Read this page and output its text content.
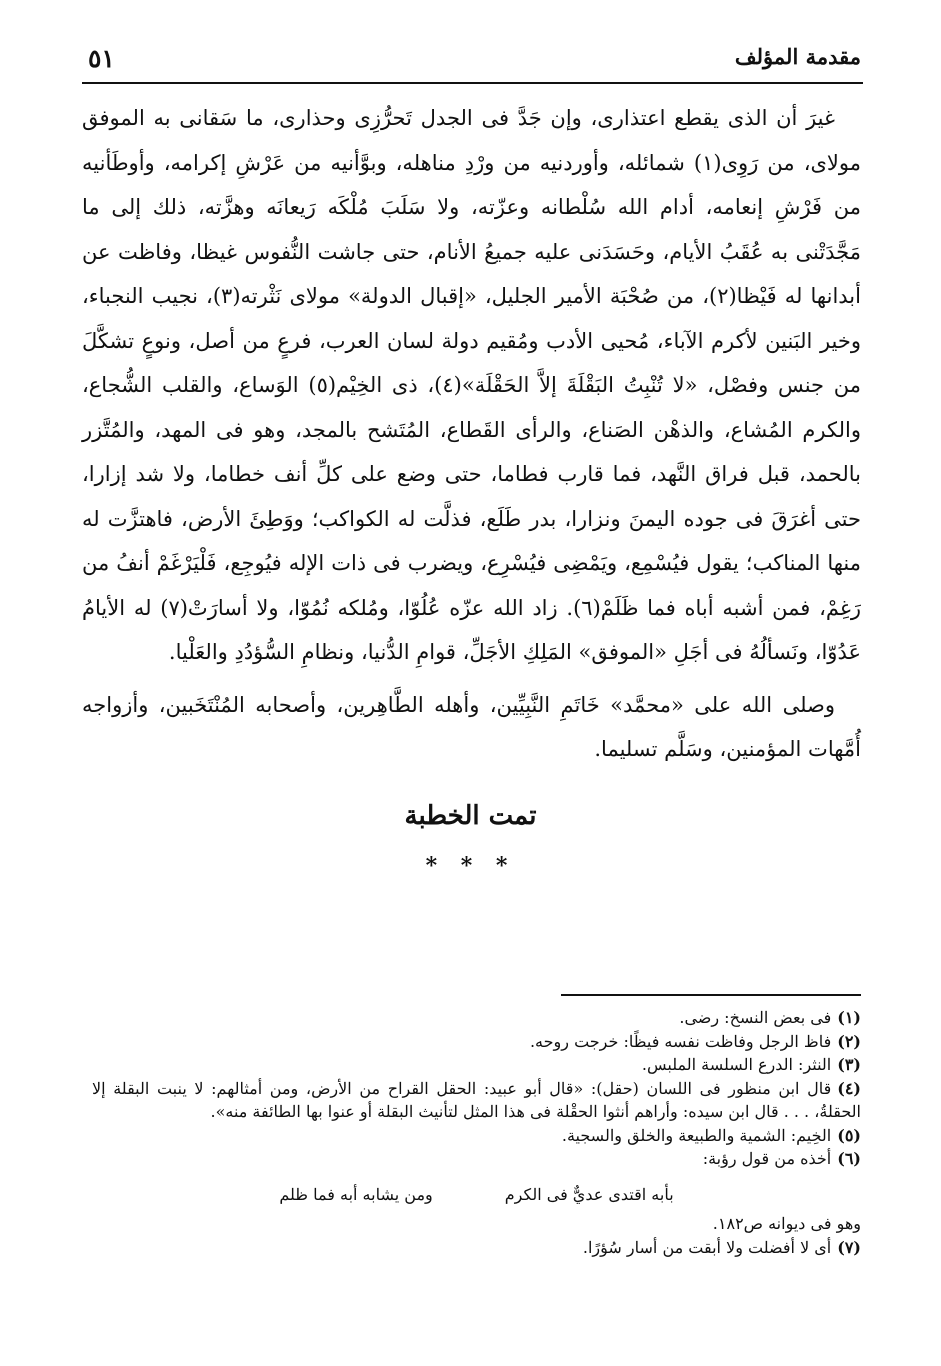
مقدمة المؤلف
٥١

غيرَ أن الذى يقطع اعتذارى، وإن جَدَّ فى الجدل تَحرُّزِى وحذارى، ما سَقانى به الموفق مولاى، من رَوِى(١) شمائله، وأوردنيه من ورْدِ مناهله، وبوَّأنيه من عَرْشِ إكرامه، وأوطَأنيه من فَرْشِ إنعامه، أدام الله سُلْطانه وعزّته، ولا سَلَبَ مُلْكَه رَيعانَه وهزَّته، ذلك إلى ما مَجَّدَتْنى به عُقَبُ الأيام، وحَسَدَنى عليه جميعُ الأنام، حتى جاشت النُّفوس غيظا، وفاظت عن أبدانها له فَيْظا(٢)، من صُحْبَة الأمير الجليل، «إقبال الدولة» مولاى نَثْرته(٣)، نجيب النجباء، وخير البَنين لأكرم الآباء، مُحيى الأدب ومُقيم دولة لسان العرب، فرعٍ من أصل، ونوعٍ تشكَّلَ من جنس وفصْل، «لا تُنْبِتُ البَقْلَةَ إلاَّ الحَقْلَة»(٤)، ذى الخِيْم(٥) الوَساع، والقلب الشُّجاع، والكرم المُشاع، والذهْن الصَناع، والرأى القَطاع، المُتَشح بالمجد، وهو فى المهد، والمُتَّزر بالحمد، قبل فراق النَّهد، فما قارب فطاما، حتى وضع على كلِّ أنف خطاما، ولا شد إزارا، حتى أغرَقَ فى جوده اليمنَ ونزارا، بدر طَلَع، فذلَّت له الكواكب؛ ووَطِئَ الأرض، فاهتزَّت له منها المناكب؛ يقول فيُسْمِع، ويَمْضِى فيُسْرِع، ويضرب فى ذات الإله فيُوجِع، فَلْيَرْغَمْ أنفُ من رَغِمْ، فمن أشبه أباه فما ظَلَمْ(٦). زاد الله عزّه عُلُوّا، ومُلكه نُمُوّا، ولا أسارَتْ(٧) له الأيامُ عَدُوّا، ونَسألُهُ فى أجَلِ «الموفق» المَلِكِ الأجَلِّ، قوامِ الدُّنيا، ونظامِ السُّؤدُدِ والعَلْيا.

وصلى الله على «محمَّد» خَاتَمِ النَّبِيِّين، وأهله الطَّاهِرين، وأصحابه المُنْتَخَبين، وأزواجه أُمَّهات المؤمنين، وسَلَّم تسليما.

تمت الخطبة
* * *
(١)فى بعض النسخ: رضى.
(٢)فاظ الرجل وفاظت نفسه فيظًا: خرجت روحه.
(٣)النثر: الدرع السلسة الملبس.
(٤)قال ابن منظور فى اللسان (حقل): «قال أبو عبيد: الحقل القراح من الأرض، ومن أمثالهم: لا ينبت البقلة إلا الحقلةُ، . . . قال ابن سيده: وأراهم أنثوا الحقْلة فى هذا المثل لتأنيث البقلة أو عنوا بها الطائفة منه».
(٥)الخِيم: الشمية والطبيعة والخلق والسجية.
(٦)أخذه من قول رؤبة:
بأبه اقتدى عديٌّ فى الكرم
ومن يشابه أبه فما ظلم
وهو فى ديوانه ص١٨٢.
(٧)أى لا أفضلت ولا أبقت من أسار سُؤرًا.
